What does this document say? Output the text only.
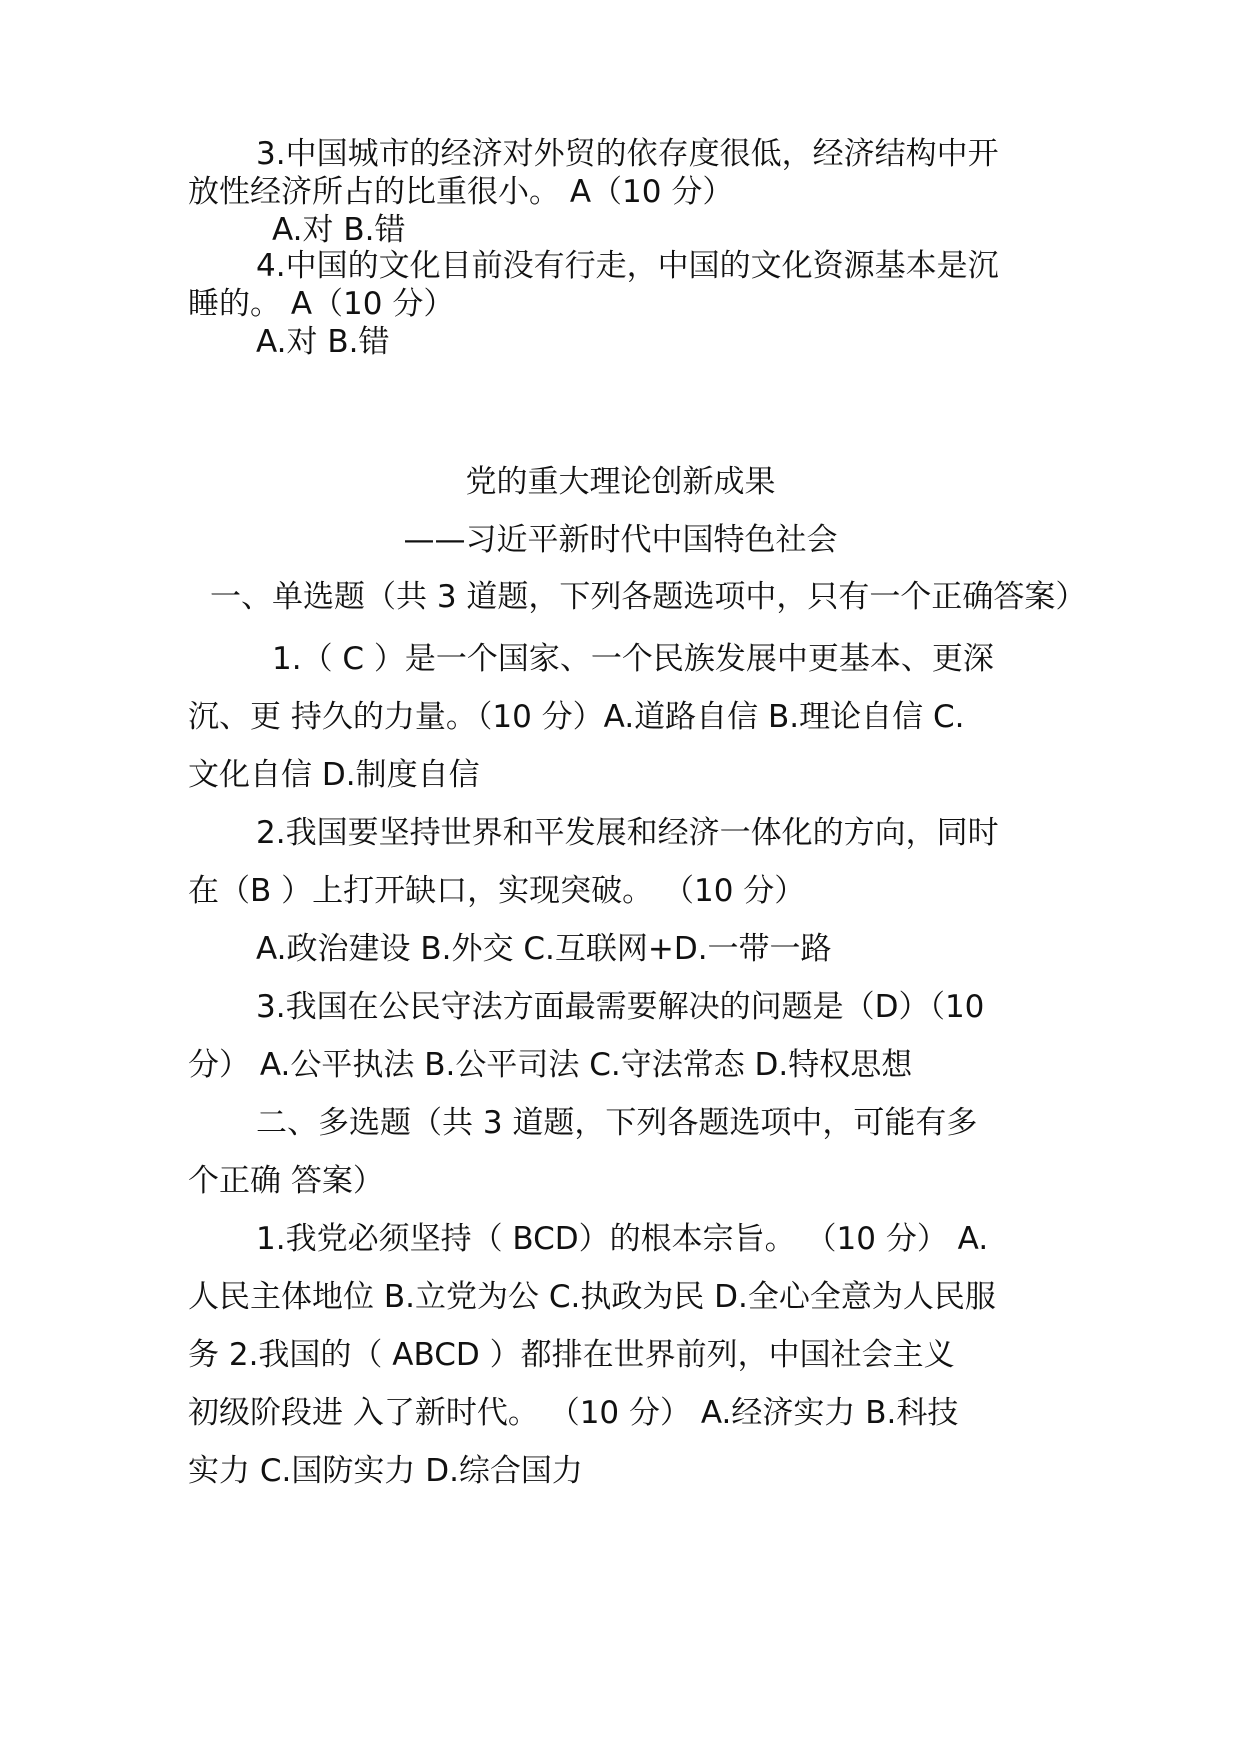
3.中国城市的经济对外贸的依存度很低，经济结构中开
放性经济所占的比重很小。 A（10 分）
A.对 B.错
4.中国的文化目前没有行走，中国的文化资源基本是沉
睡的。 A（10 分）
A.对 B.错
党的重大理论创新成果
——习近平新时代中国特色社会
一、单选题（共 3 道题，下列各题选项中，只有一个正确答案）
1.（ C ）是一个国家、一个民族发展中更基本、更深
沉、更 持久的力量。（10 分）A.道路自信 B.理论自信 C.
文化自信 D.制度自信
2.我国要坚持世界和平发展和经济一体化的方向，同时
在（B ）上打开缺口，实现突破。 （10 分）
A.政治建设 B.外交 C.互联网+D.一带一路
3.我国在公民守法方面最需要解决的问题是（D）（10
分） A.公平执法 B.公平司法 C.守法常态 D.特权思想
二、多选题（共 3 道题，下列各题选项中，可能有多
个正确 答案）
1.我党必须坚持（ BCD）的根本宗旨。 （10 分） A.
人民主体地位 B.立党为公 C.执政为民 D.全心全意为人民服
务 2.我国的（ ABCD ）都排在世界前列，中国社会主义
初级阶段进 入了新时代。 （10 分） A.经济实力 B.科技
实力 C.国防实力 D.综合国力
